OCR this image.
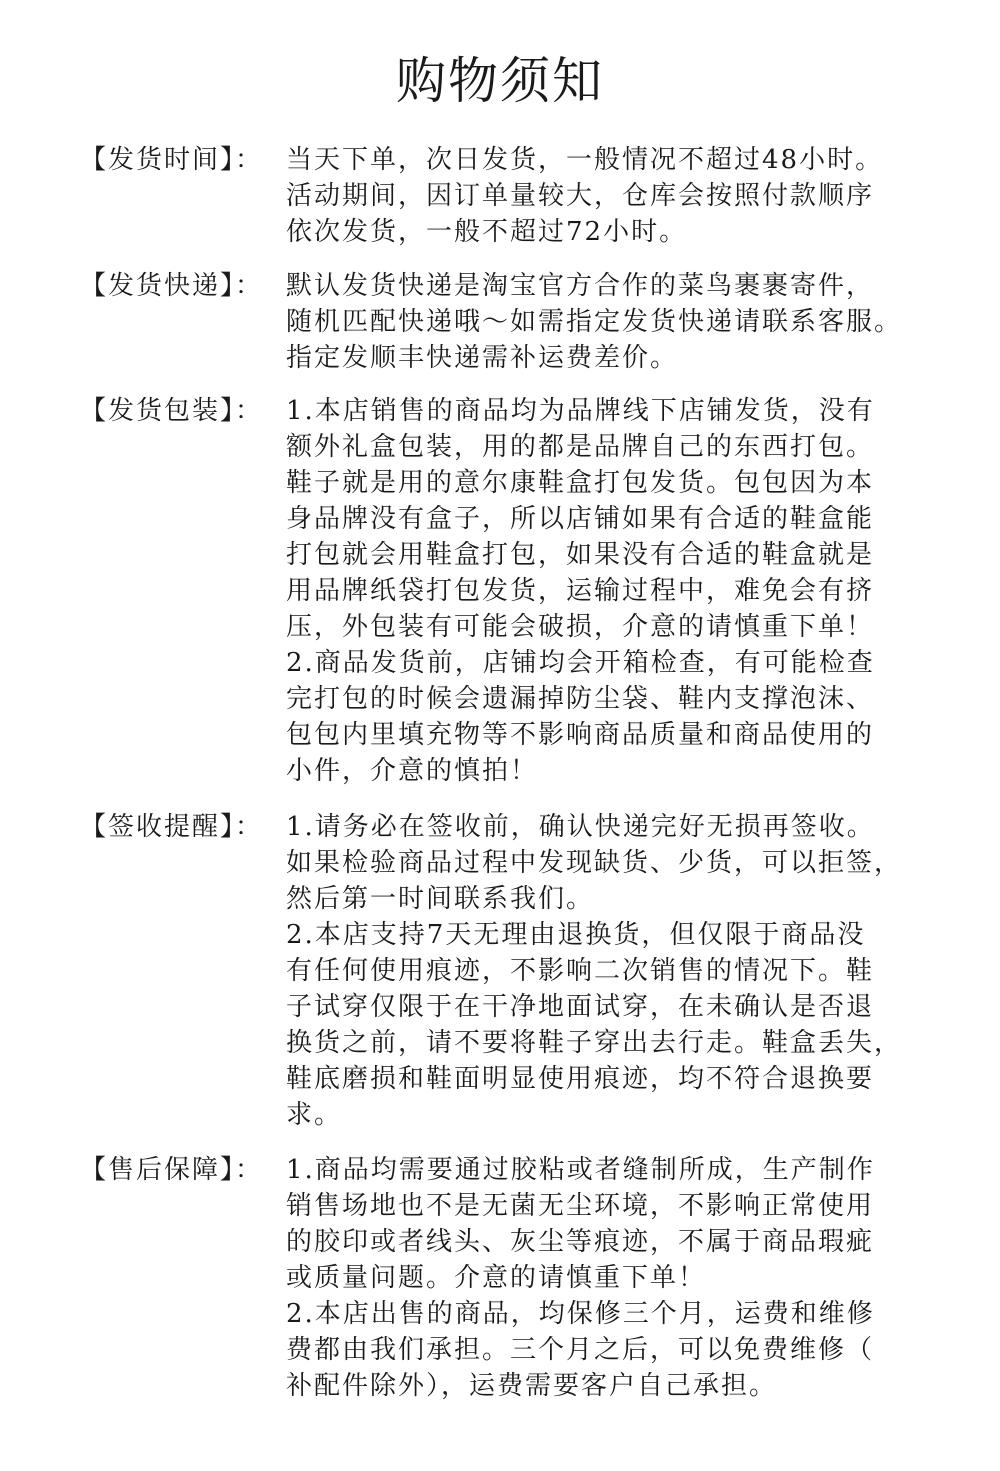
购物须知
【发货时间】： 当天下单，次日发货，一般情况不超过48小时。
活动期间，因订单量较大，仓库会按照付款顺序
依次发货，一般不超过72小时。
【发货快递】： 默认发货快递是淘宝官方合作的菜鸟裹裹寄件，
随机匹配快递哦～如需指定发货快递请联系客服。
指定发顺丰快递需补运费差价。
【发货包装】： 1.本店销售的商品均为品牌线下店铺发货，没有
额外礼盒包装，用的都是品牌自己的东西打包。
鞋子就是用的意尔康鞋盒打包发货。包包因为本
身品牌没有盒子，所以店铺如果有合适的鞋盒能
打包就会用鞋盒打包，如果没有合适的鞋盒就是
用品牌纸袋打包发货，运输过程中，难免会有挤
压，外包装有可能会破损，介意的请慎重下单！
2.商品发货前，店铺均会开箱检查，有可能检查
完打包的时候会遗漏掉防尘袋、鞋内支撑泡沫、
包包内里填充物等不影响商品质量和商品使用的
小件，介意的慎拍！
【签收提醒】： 1.请务必在签收前，确认快递完好无损再签收。
如果检验商品过程中发现缺货、少货，可以拒签，
然后第一时间联系我们。
2.本店支持7天无理由退换货，但仅限于商品没
有任何使用痕迹，不影响二次销售的情况下。鞋
子试穿仅限于在干净地面试穿，在未确认是否退
换货之前，请不要将鞋子穿出去行走。鞋盒丢失，
鞋底磨损和鞋面明显使用痕迹，均不符合退换要
求。
【售后保障】： 1.商品均需要通过胶粘或者缝制所成，生产制作
销售场地也不是无菌无尘环境，不影响正常使用
的胶印或者线头、灰尘等痕迹，不属于商品瑕疵
或质量问题。介意的请慎重下单！
2.本店出售的商品，均保修三个月，运费和维修
费都由我们承担。三个月之后，可以免费维修（
补配件除外），运费需要客户自己承担。
